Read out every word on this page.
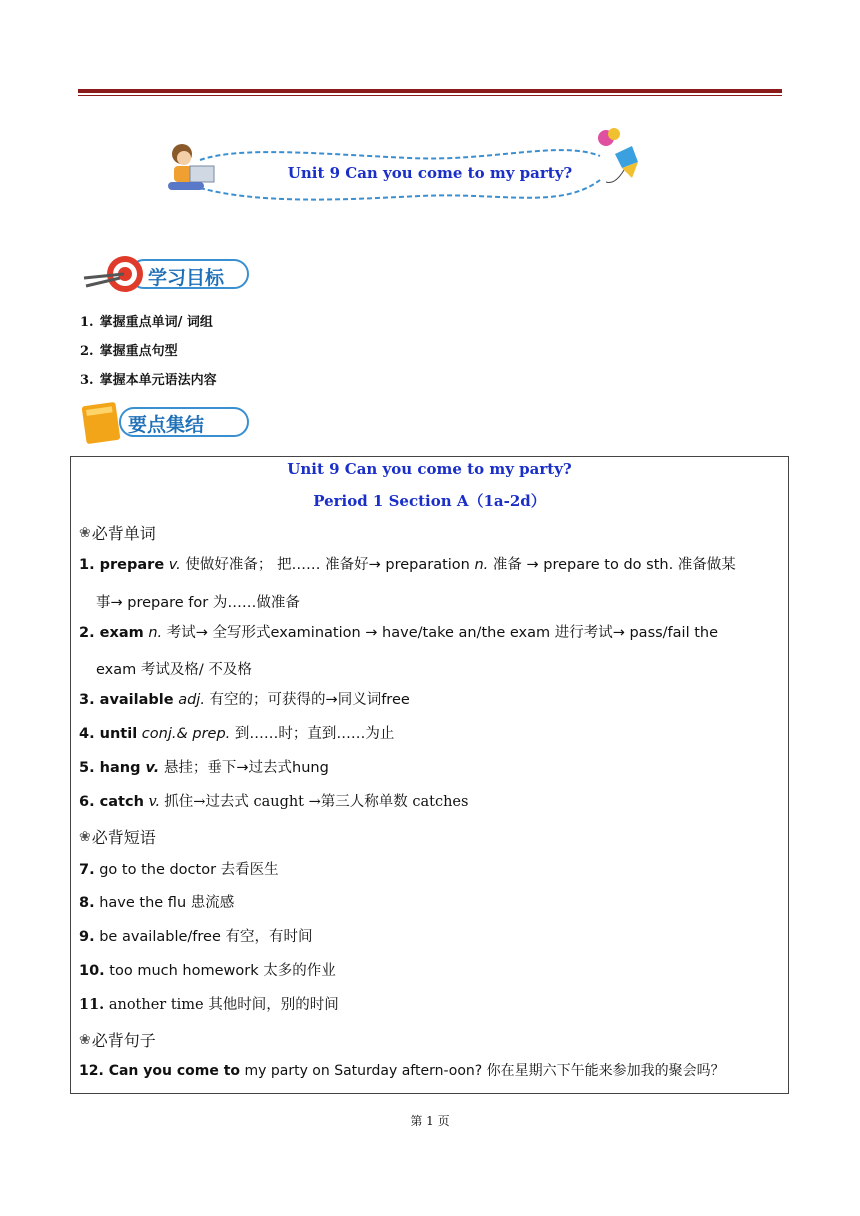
Unit 9 Can you come to my party?
学习目标
1. 掌握重点单词/ 词组
2. 掌握重点句型
3. 掌握本单元语法内容
要点集结
Unit 9 Can you come to my party?
Period 1 Section A（1a-2d）
❀ 必背单词
1. prepare v. 使做好准备； 把…… 准备好→ preparation n. 准备 → prepare to do sth. 准备做某
事→ prepare for 为……做准备
2. exam n. 考试→ 全写形式examination → have/take an/the exam 进行考试→ pass/fail the
exam 考试及格/ 不及格
3. available adj. 有空的；可获得的→同义词free
4. until conj.& prep. 到……时；直到……为止
5. hang v. 悬挂；垂下→过去式hung
6. catch v. 抓住→过去式 caught →第三人称单数 catches
❀ 必背短语
7. go to the doctor 去看医生
8. have the flu 患流感
9. be available/free 有空，有时间
10. too much homework 太多的作业
11. another time 其他时间，别的时间
❀ 必背句子
12. Can you come to my party on Saturday aftern-oon? 你在星期六下午能来参加我的聚会吗？
第 1 页
